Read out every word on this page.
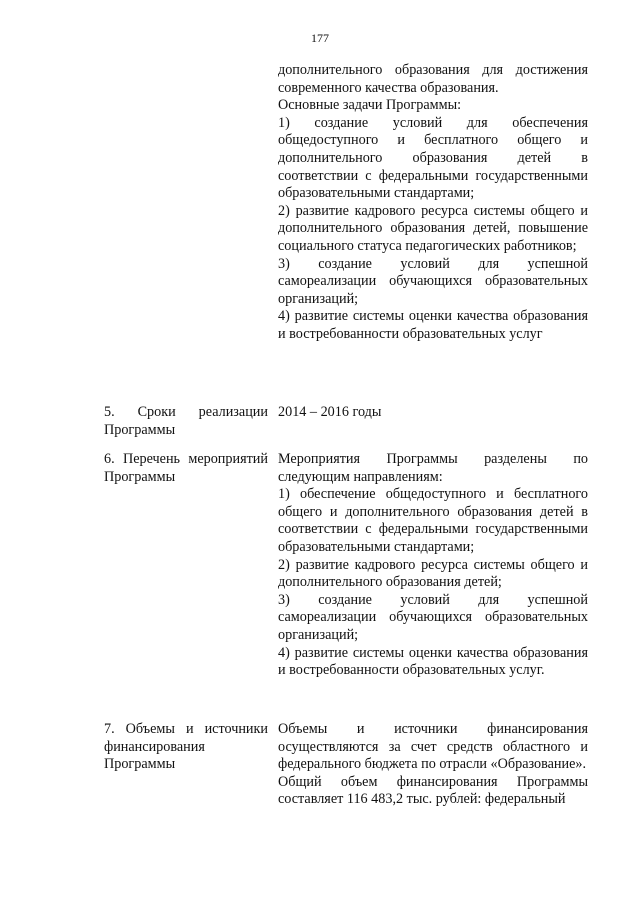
177
дополнительного образования для достижения современного качества образования.
Основные задачи Программы:
1) создание условий для обеспечения общедоступного и бесплатного общего и дополнительного образования детей в соответствии с федеральными государственными образовательными стандартами;
2) развитие кадрового ресурса системы общего и дополнительного образования детей, повышение социального статуса педагогических работников;
3) создание условий для успешной самореализации обучающихся образовательных организаций;
4) развитие системы оценки качества образования и востребованности образовательных услуг
5. Сроки реализации Программы
2014 – 2016 годы
6. Перечень мероприятий Программы
Мероприятия Программы разделены по следующим направлениям:
1) обеспечение общедоступного и бесплатного общего и дополнительного образования детей в соответствии с федеральными государственными образовательными стандартами;
2) развитие кадрового ресурса системы общего и дополнительного образования детей;
3) создание условий для успешной самореализации обучающихся образовательных организаций;
4) развитие системы оценки качества образования и востребованности образовательных услуг.
7. Объемы и источники финансирования Программы
Объемы и источники финансирования осуществляются за счет средств областного и федерального бюджета по отрасли «Образование».
Общий объем финансирования Программы составляет 116 483,2 тыс. рублей: федеральный
